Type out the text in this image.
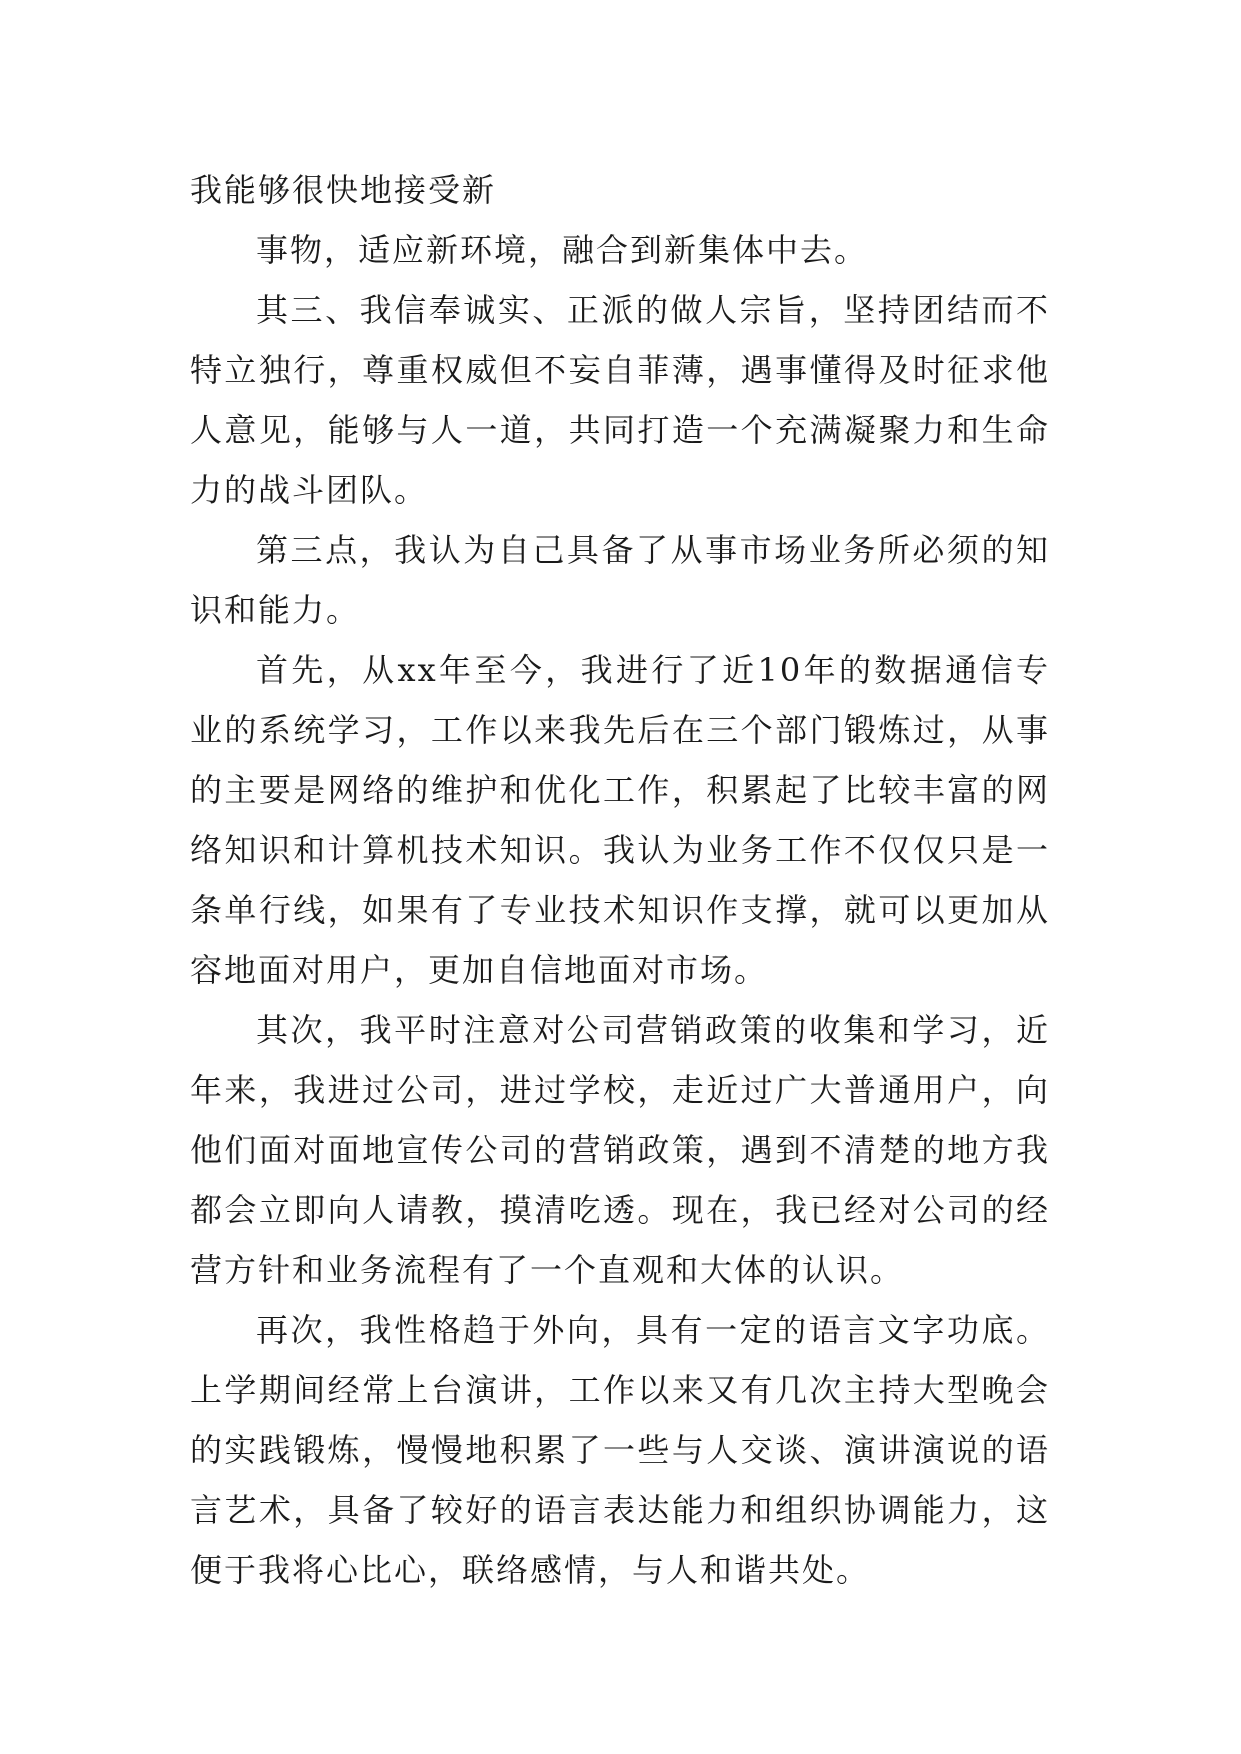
我能够很快地接受新

事物，适应新环境，融合到新集体中去。

其三、我信奉诚实、正派的做人宗旨，坚持团结而不特立独行，尊重权威但不妄自菲薄，遇事懂得及时征求他人意见，能够与人一道，共同打造一个充满凝聚力和生命力的战斗团队。

第三点，我认为自己具备了从事市场业务所必须的知识和能力。

首先，从xx年至今，我进行了近10年的数据通信专业的系统学习，工作以来我先后在三个部门锻炼过，从事的主要是网络的维护和优化工作，积累起了比较丰富的网络知识和计算机技术知识。我认为业务工作不仅仅只是一条单行线，如果有了专业技术知识作支撑，就可以更加从容地面对用户，更加自信地面对市场。

其次，我平时注意对公司营销政策的收集和学习，近年来，我进过公司，进过学校，走近过广大普通用户，向他们面对面地宣传公司的营销政策，遇到不清楚的地方我都会立即向人请教，摸清吃透。现在，我已经对公司的经营方针和业务流程有了一个直观和大体的认识。

再次，我性格趋于外向，具有一定的语言文字功底。上学期间经常上台演讲，工作以来又有几次主持大型晚会的实践锻炼，慢慢地积累了一些与人交谈、演讲演说的语言艺术，具备了较好的语言表达能力和组织协调能力，这便于我将心比心，联络感情，与人和谐共处。
